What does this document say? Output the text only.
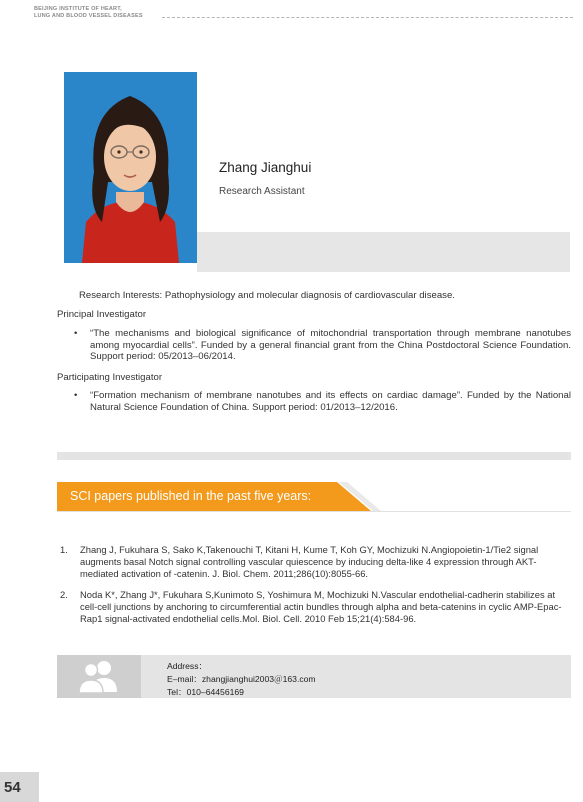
BEIJING INSTITUTE OF HEART,
LUNG AND BLOOD VESSEL DISEASES
Zhang Jianghui
Research Assistant
Research Interests: Pathophysiology and molecular diagnosis of cardiovascular disease.
Principal Investigator
• “The mechanisms and biological significance of mitochondrial transportation through membrane nanotubes among myocardial cells”. Funded by a general financial grant from the China Postdoctoral Science Foundation. Support period: 05/2013–06/2014.
Participating Investigator
• “Formation mechanism of membrane nanotubes and its effects on cardiac damage”. Funded by the National Natural Science Foundation of China. Support period: 01/2013–12/2016.
SCI papers published in the past five years:
1. Zhang J, Fukuhara S, Sako K,Takenouchi T, Kitani H, Kume T, Koh GY, Mochizuki N.Angiopoietin-1/Tie2 signal augments basal Notch signal controlling vascular quiescence by inducing delta-like 4 expression through AKT-mediated activation of -catenin. J. Biol. Chem. 2011;286(10):8055-66.
2. Noda K*, Zhang J*, Fukuhara S,Kunimoto S, Yoshimura M, Mochizuki N.Vascular endothelial-cadherin stabilizes at cell-cell junctions by anchoring to circumferential actin bundles through alpha and beta-catenins in cyclic AMP-Epac-Rap1 signal-activated endothelial cells.Mol. Biol. Cell. 2010 Feb 15;21(4):584-96.
Address：
E–mail：zhangjianghui2003＠163.com
Tel：010–64456169
54
